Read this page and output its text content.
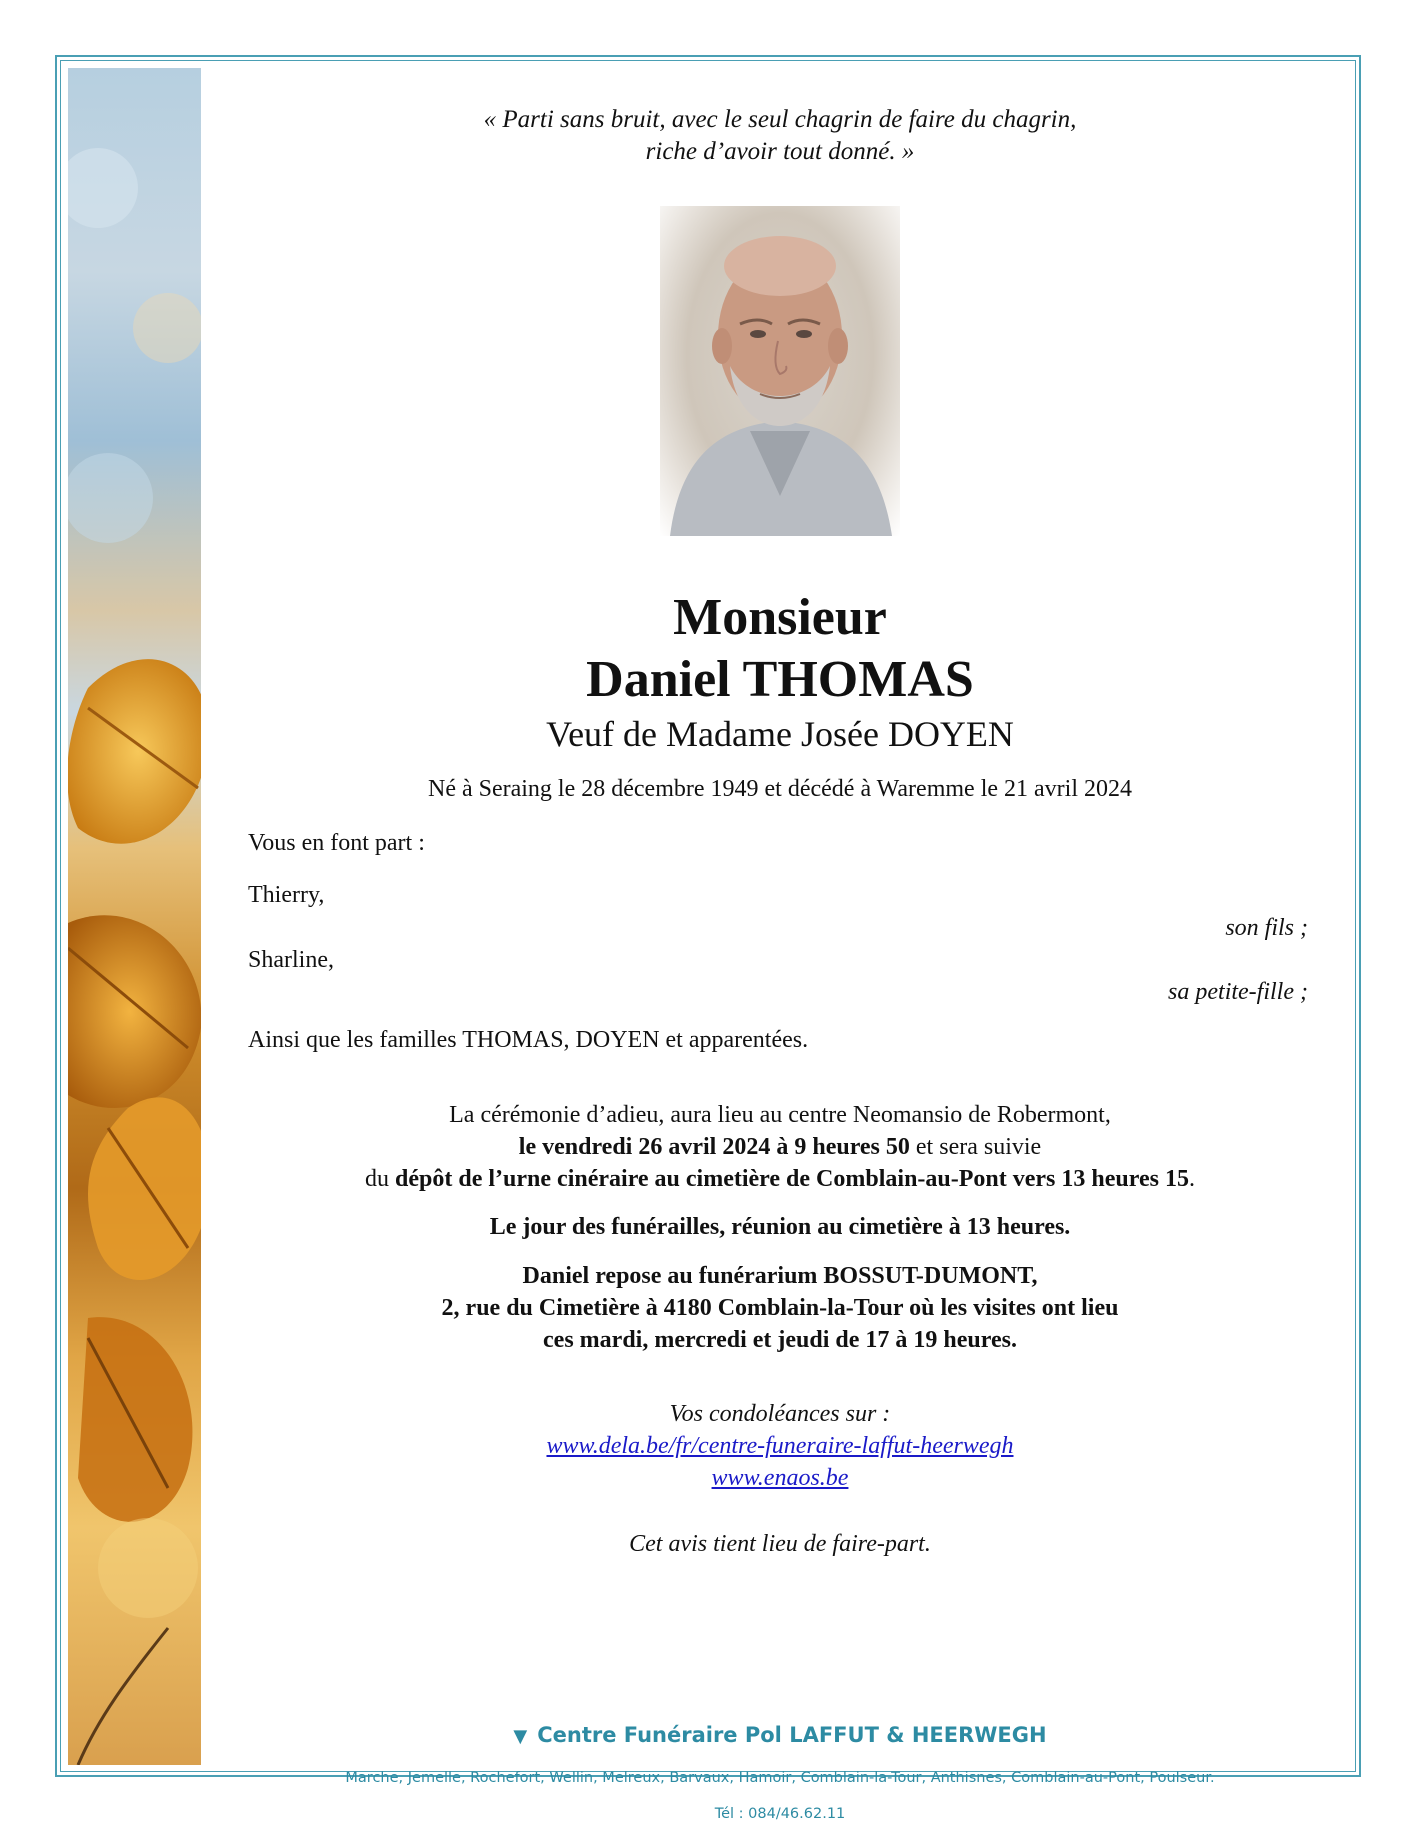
« Parti sans bruit, avec le seul chagrin de faire du chagrin,
riche d’avoir tout donné. »
Monsieur
Daniel THOMAS
Veuf de Madame Josée DOYEN
Né à Seraing le 28 décembre 1949 et décédé à Waremme le 21 avril 2024
Vous en font part :
Thierry,
son fils ;
Sharline,
sa petite-fille ;
Ainsi que les familles THOMAS, DOYEN et apparentées.
La cérémonie d’adieu, aura lieu au centre Neomansio de Robermont,
le vendredi 26 avril 2024 à 9 heures 50 et sera suivie
du dépôt de l’urne cinéraire au cimetière de Comblain-au-Pont vers 13 heures 15.
Le jour des funérailles, réunion au cimetière à 13 heures.
Daniel repose au funérarium BOSSUT-DUMONT,
2, rue du Cimetière à 4180 Comblain-la-Tour où les visites ont lieu
ces mardi, mercredi et jeudi de 17 à 19 heures.
Vos condoléances sur :
www.dela.be/fr/centre-funeraire-laffut-heerwegh
www.enaos.be
Cet avis tient lieu de faire-part.
▼ Centre Funéraire Pol LAFFUT & HEERWEGH
Marche, Jemelle, Rochefort, Wellin, Melreux, Barvaux, Hamoir, Comblain-la-Tour, Anthisnes, Comblain-au-Pont, Poulseur.
Tél : 084/46.62.11
